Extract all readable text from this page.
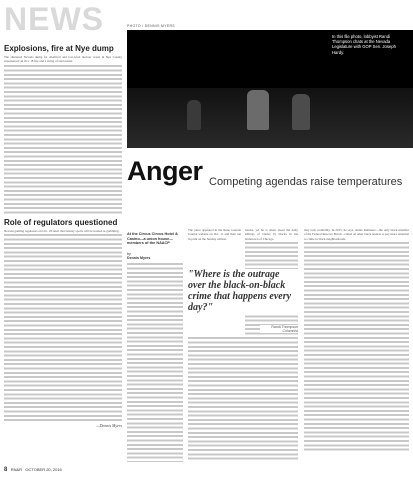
NEWS
Explosions, fire at Nye dump
The shuttered Nevada dump for chemical and low-level nuclear waste in Nye County experienced an Oct. 18 fire and a string of explosions.
Role of regulators questioned
Nevada gaming regulators on Oct. 18 ruled that fantasy sports will be treated as gambling.
—Dennis Myers
PHOTO / DENNIS MYERS
In this file photo, lobbyist Randi Thompson chats at the Nevada Legislature with GOP Sen. Joseph Hardy.
Anger Competing agendas raise temperatures
At the Circus Circus Hotel & Casino—a union house—members of the NAACP
by
Dennis Myers
The piece appeared in the Reno Gazette Journal website on Oct. 11 and then ran in print on the Sunday edition.
blacks, yet he is silent about the daily killings of blacks by blacks in his hometown of Chicago.
may lack credibility. In 2015, he says, Andre Reimsser—the only black member of the Federal Reserve Board—called on other black leaders to pay more attention to crime in black neighborhoods.
"Where is the outrage over the black-on-black crime that happens every day?"
Randi Thompson
Columnist
8 RN&R OCTOBER 20, 2016
